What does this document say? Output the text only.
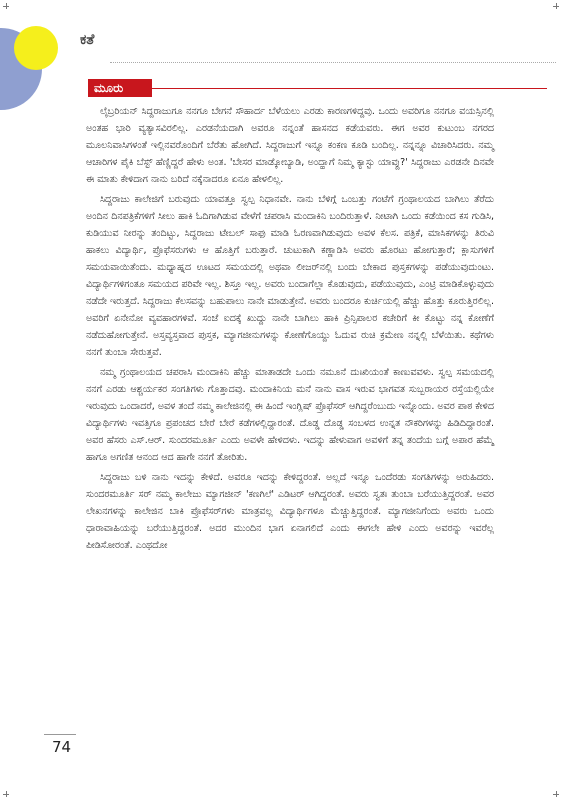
ಕತೆ
ಮೂರು

ಲೈಬ್ರರಿಯನ್ ಸಿದ್ದರಾಜುಗೂ ನನಗೂ ಬೇಗನೆ ಸೌಹಾರ್ದ ಬೆಳೆಯಲು ಎರಡು ಕಾರಣಗಳಿದ್ದವು. ಒಂದು ಅವರಿಗೂ ನನಗೂ ವಯಸ್ಸಿನಲ್ಲಿ ಅಂತಹ ಭಾರಿ ವ್ಯತ್ಯಾಸವಿರಲಿಲ್ಲ. ಎರಡನೆಯದಾಗಿ ಅವರೂ ನನ್ನಂತೆ ಹಾಸನದ ಕಡೆಯವರು. ಈಗ ಅವರ ಕುಟುಂಬ ನಗರದ ಮೂಲನಿವಾಸಿಗಳಂತೆ ಇಲ್ಲಿನವರೊಂದಿಗೆ ಬೆರೆತು ಹೋಗಿದೆ. ಸಿದ್ದರಾಜುಗೆ ಇನ್ನೂ ಕಂಕಣ ಕೂಡಿ ಬಂದಿಲ್ಲ. ನನ್ನನ್ನೂ ವಿಚಾರಿಸಿದರು. ನಮ್ಮ ಆಚಾರಿಗಳ ಪೈಕಿ ಬೆಸ್ಟ್ ಹೆಣ್ಣಿದ್ದರೆ ಹೇಳು ಅಂತ. 'ಬೇಸರ ಮಾಡ್ಕೋಬ್ಯಾಡಿ, ಅಂದ್ಹಾಗೆ ನಿಮ್ಮ ಕ್ಯಾಸ್ಟು ಯಾವ್ದು?' ಸಿದ್ದರಾಜು ಎರಡನೇ ದಿನವೇ ಈ ಮಾತು ಕೇಳಿದಾಗ ನಾನು ಬರಿದೆ ನಕ್ಕೆನಾದರೂ ಏನೂ ಹೇಳಲಿಲ್ಲ.

ಸಿದ್ದರಾಜು ಕಾಲೇಜಿಗೆ ಬರುವುದು ಯಾವತ್ತೂ ಸ್ವಲ್ಪ ನಿಧಾನವೇ. ನಾನು ಬೆಳಿಗ್ಗೆ ಒಂಬತ್ತು ಗಂಟೆಗೆ ಗ್ರಂಥಾಲಯದ ಬಾಗಿಲು ತೆರೆದು ಅಂದಿನ ದಿನಪತ್ರಿಕೆಗಳಿಗೆ ಸೀಲು ಹಾಕಿ ಓದಿಗಾಗಿಡುವ ವೇಳೆಗೆ ಚಪರಾಸಿ ಮಂದಾಕಿನಿ ಬಂದಿರುತ್ತಾಳೆ. ನೀಟಾಗಿ ಒಂದು ಕಡೆಯಿಂದ ಕಸ ಗುಡಿಸಿ, ಕುಡಿಯುವ ನೀರನ್ನು ತಂದಿಟ್ಟು, ಸಿದ್ದರಾಜು ಟೇಬಲ್ ಸಾಫು ಮಾಡಿ ಓರಣವಾಗಿಡುವುದು ಅವಳ ಕೆಲಸ. ಪತ್ರಿಕೆ, ಮಾಸಿಕಗಳನ್ನು ತಿರುವಿ ಹಾಕಲು ವಿದ್ಯಾರ್ಥಿ, ಪ್ರೊಫೆಸರುಗಳು ಆ ಹೊತ್ತಿಗೆ ಬರುತ್ತಾರೆ. ಚುಟುಕಾಗಿ ಕಣ್ಣಾಡಿಸಿ ಅವರು ಹೊರಟು ಹೋಗುತ್ತಾರೆ; ಕ್ಲಾಸುಗಳಿಗೆ ಸಮಯವಾಯಿತೆಂದು. ಮಧ್ಯಾಹ್ನದ ಊಟದ ಸಮಯದಲ್ಲಿ ಅಥವಾ ಲೀಜರ್‌ನಲ್ಲಿ ಬಂದು ಬೇಕಾದ ಪುಸ್ತಕಗಳನ್ನು ಪಡೆಯುವುದುಂಟು. ವಿದ್ಯಾರ್ಥಿಗಳಿಗಂತೂ ಸಮಯದ ಪರಿವೇ ಇಲ್ಲ. ಶಿಸ್ತೂ ಇಲ್ಲ. ಅವರು ಬಂದಾಗೆಲ್ಲಾ ಕೊಡುವುದು, ಪಡೆಯುವುದು, ಎಂಟ್ರಿ ಮಾಡಿಕೊಳ್ಳುವುದು ನಡೆದೇ ಇರುತ್ತದೆ. ಸಿದ್ದರಾಜು ಕೆಲಸವನ್ನು ಬಹುಪಾಲು ನಾನೇ ಮಾಡುತ್ತೇನೆ. ಅವರು ಬಂದರೂ ಕುರ್ಚಿಯಲ್ಲಿ ಹೆಚ್ಚು ಹೊತ್ತು ಕೂರುತ್ತಿರಲಿಲ್ಲ. ಅವರಿಗೆ ಏನೇನೋ ವ್ಯವಹಾರಗಳಿವೆ. ಸಂಜೆ ಐದಕ್ಕೆ ಖುದ್ದು ನಾನೇ ಬಾಗಿಲು ಹಾಕಿ ಪ್ರಿನ್ಸಿಪಾಲರ ಕಚೇರಿಗೆ ಕೀ ಕೊಟ್ಟು ನನ್ನ ಕೋಣೆಗೆ ನಡೆದುಹೋಗುತ್ತೇನೆ. ಅಸ್ತವ್ಯಸ್ತವಾದ ಪುಸ್ತಕ, ಮ್ಯಾಗಜೀನುಗಳನ್ನು ಕೋಣೆಗೊಯ್ದು ಓದುವ ರುಚಿ ಕ್ರಮೇಣ ನನ್ನಲ್ಲಿ ಬೆಳೆಯಿತು. ಕಥೆಗಳು ನನಗೆ ತುಂಬಾ ಸೇರುತ್ತವೆ.

ನಮ್ಮ ಗ್ರಂಥಾಲಯದ ಚಪರಾಸಿ ಮಂದಾಕಿನಿ ಹೆಚ್ಚು ಮಾತಾಡದೇ ಒಂದು ನಮೂನೆ ದುಃಖಿಯಂತೆ ಕಾಣುವವಳು. ಸ್ವಲ್ಪ ಸಮಯದಲ್ಲಿ ನನಗೆ ಎರಡು ಆಶ್ಚರ್ಯಕರ ಸಂಗತಿಗಳು ಗೊತ್ತಾದವು. ಮಂದಾಕಿನಿಯ ಮನೆ ನಾನು ವಾಸ ಇರುವ ಭಾಗವತ ಸುಬ್ಬರಾಯರ ರಸ್ತೆಯಲ್ಲಿಯೇ ಇರುವುದು ಒಂದಾದರೆ, ಅವಳ ತಂದೆ ನಮ್ಮ ಕಾಲೇಜಿನಲ್ಲಿ ಈ ಹಿಂದೆ ಇಂಗ್ಲಿಷ್ ಪ್ರೊಫೆಸರ್ ಆಗಿದ್ದರೆಂಬುದು ಇನ್ನೊಂದು. ಅವರ ಪಾಠ ಕೇಳಿದ ವಿದ್ಯಾರ್ಥಿಗಳು ಇವತ್ತಿಗೂ ಪ್ರಪಂಚದ ಬೇರೆ ಬೇರೆ ಕಡೆಗಳಲ್ಲಿದ್ದಾರಂತೆ. ದೊಡ್ಡ ದೊಡ್ಡ ಸಂಬಳದ ಉನ್ನತ ನೌಕರಿಗಳನ್ನು ಹಿಡಿದಿದ್ದಾರಂತೆ. ಅವರ ಹೆಸರು ಎಸ್.ಆರ್. ಸುಂದರಮೂರ್ತಿ ಎಂದು ಅವಳೇ ಹೇಳಿದಳು. ಇದನ್ನು ಹೇಳುವಾಗ ಅವಳಿಗೆ ತನ್ನ ತಂದೆಯ ಬಗ್ಗೆ ಅಪಾರ ಹೆಮ್ಮೆ ಹಾಗೂ ಅಗಣಿತ ಆನಂದ ಆದ ಹಾಗೇ ನನಗೆ ತೋರಿತು.

ಸಿದ್ದರಾಜು ಬಳಿ ನಾನು ಇದನ್ನು ಕೇಳಿದೆ. ಅವರೂ ಇದನ್ನು ಕೇಳಿದ್ದರಂತೆ. ಅಲ್ಲದೆ ಇನ್ನೂ ಒಂದೆರಡು ಸಂಗತಿಗಳನ್ನು ಅರುಹಿದರು. ಸುಂದರಮೂರ್ತಿ ಸರ್ ನಮ್ಮ ಕಾಲೇಜು ಮ್ಯಾಗಜೀನ್ 'ಕಣಗಿಲೆ' ಎಡಿಟರ್ ಆಗಿದ್ದರಂತೆ. ಅವರು ಸ್ವತಃ ತುಂಬಾ ಬರೆಯುತ್ತಿದ್ದರಂತೆ. ಅವರ ಲೇಖನಗಳನ್ನು ಕಾಲೇಜಿನ ಬಾಕಿ ಪ್ರೊಫೆಸರ್‌ಗಳು ಮಾತ್ರವಲ್ಲ ವಿದ್ಯಾರ್ಥಿಗಳೂ ಮೆಚ್ಚುತ್ತಿದ್ದರಂತೆ. ಮ್ಯಾಗಜೀನಿಗೆಂದು ಅವರು ಒಂದು ಧಾರಾವಾಹಿಯನ್ನು ಬರೆಯುತ್ತಿದ್ದರಂತೆ. ಅದರ ಮುಂದಿನ ಭಾಗ ಏನಾಗಲಿದೆ ಎಂದು ಈಗಲೇ ಹೇಳಿ ಎಂದು ಅವರನ್ನು ಇವರೆಲ್ಲ ಪೀಡಿಸೋರಂತೆ. ಎಂಥದೋ

74
